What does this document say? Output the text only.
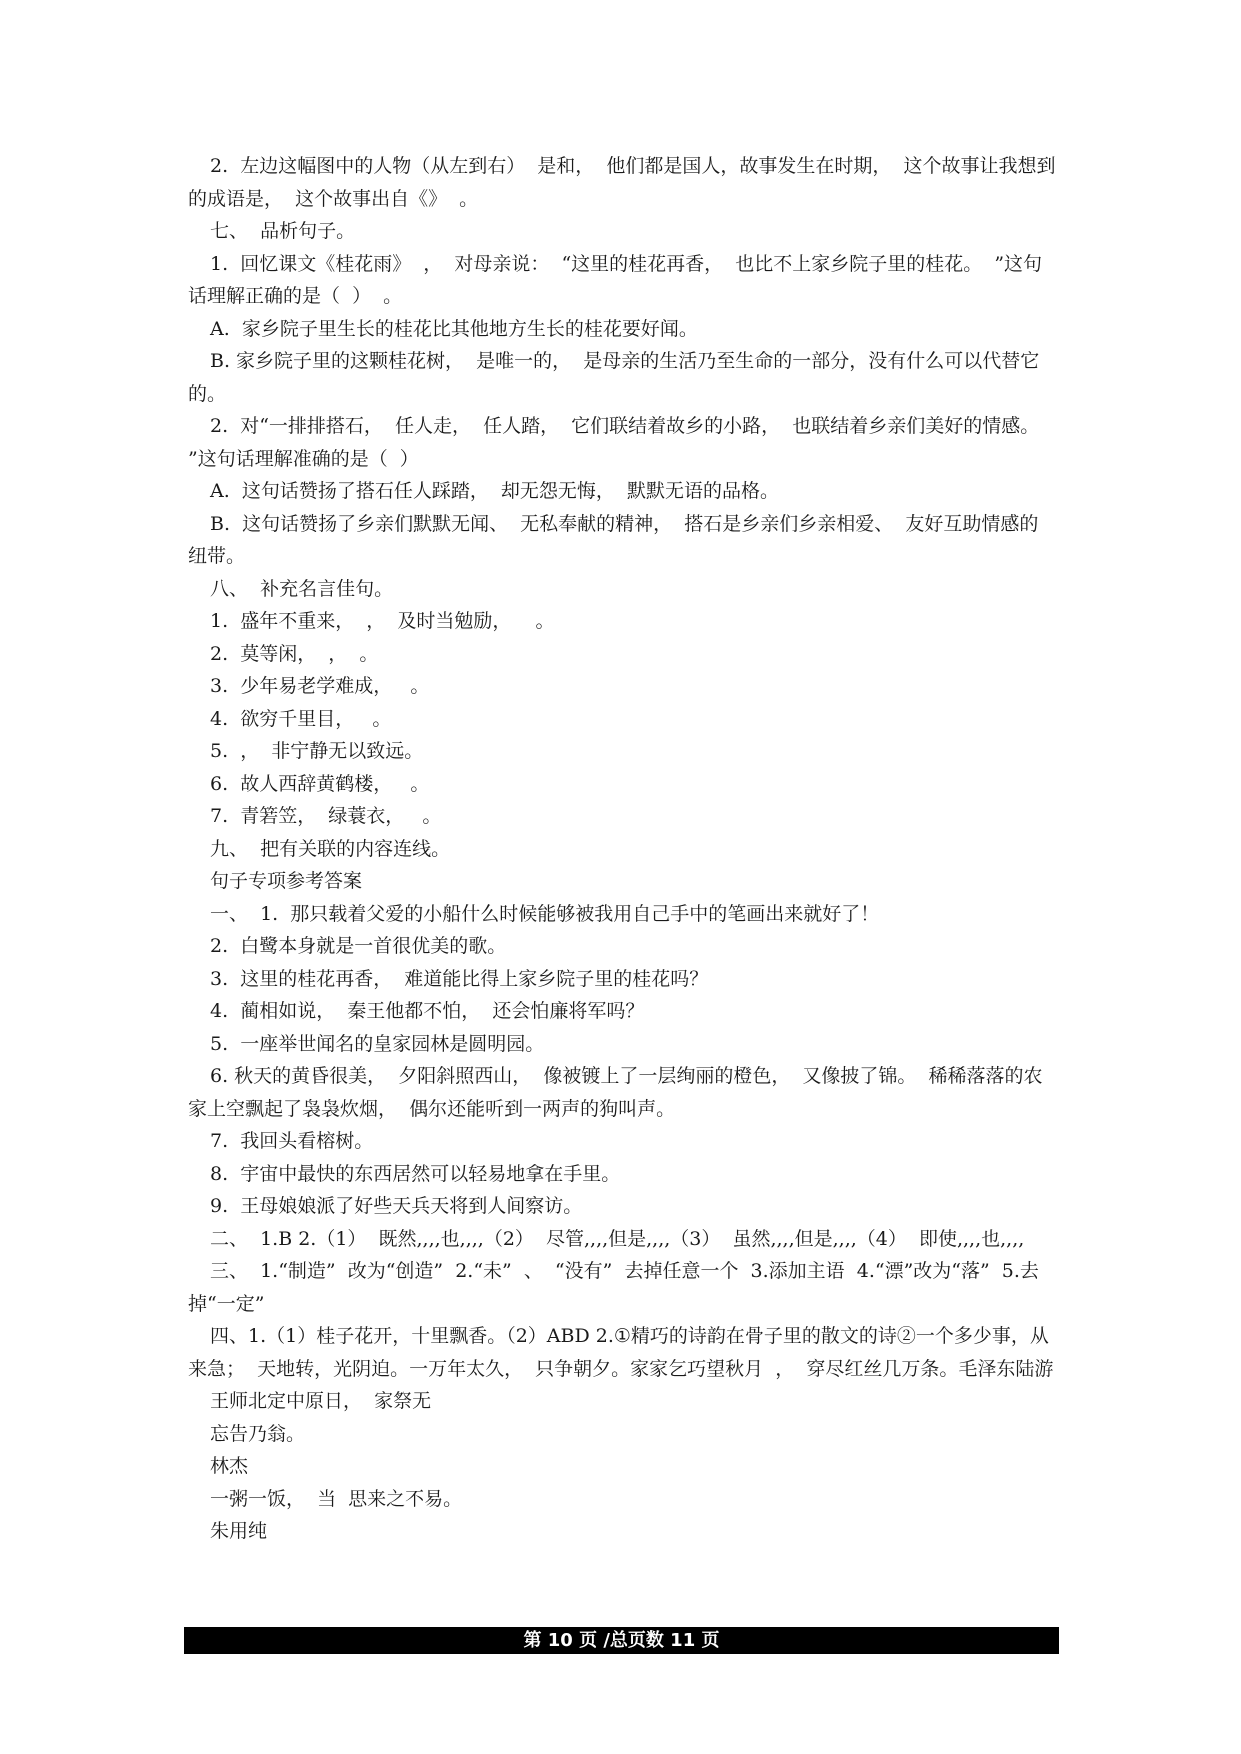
2.  左边这幅图中的人物（从左到右）  是和，  他们都是国人，故事发生在时期，  这个故事让我想到的成语是，  这个故事出自《》  。

七、  品析句子。

1.  回忆课文《桂花雨》  ，  对母亲说：  “这里的桂花再香，  也比不上家乡院子里的桂花。  ”这句话理解正确的是（  ）  。

A.  家乡院子里生长的桂花比其他地方生长的桂花要好闻。

B. 家乡院子里的这颗桂花树，  是唯一的，  是母亲的生活乃至生命的一部分，没有什么可以代替它的。

2.  对“一排排搭石，  任人走，  任人踏，  它们联结着故乡的小路，  也联结着乡亲们美好的情感。  ”这句话理解准确的是（  ）

A.  这句话赞扬了搭石任人踩踏，  却无怨无悔，  默默无语的品格。

B.  这句话赞扬了乡亲们默默无闻、  无私奉献的精神，  搭石是乡亲们乡亲相爱、  友好互助情感的纽带。

八、  补充名言佳句。

1.  盛年不重来，  ，  及时当勉励，    。

2.  莫等闲，  ，  。

3.  少年易老学难成，   。

4.  欲穷千里目，   。

5.  ，  非宁静无以致远。

6.  故人西辞黄鹤楼，   。

7.  青箬笠，  绿蓑衣，   。

九、  把有关联的内容连线。

句子专项参考答案

一、  1.  那只载着父爱的小船什么时候能够被我用自己手中的笔画出来就好了！

2.  白鹭本身就是一首很优美的歌。

3.  这里的桂花再香，  难道能比得上家乡院子里的桂花吗？

4.  蔺相如说，  秦王他都不怕，  还会怕廉将军吗？

5.  一座举世闻名的皇家园林是圆明园。

6. 秋天的黄昏很美，  夕阳斜照西山，  像被镀上了一层绚丽的橙色，  又像披了锦。  稀稀落落的农家上空飘起了袅袅炊烟，  偶尔还能听到一两声的狗叫声。

7.  我回头看榕树。

8.  宇宙中最快的东西居然可以轻易地拿在手里。

9.  王母娘娘派了好些天兵天将到人间察访。

二、  1.B 2.（1）  既然,,,,也,,,,（2）  尽管,,,,但是,,,,（3）  虽然,,,,但是,,,,（4）  即使,,,,也,,,,

三、  1.“制造”  改为“创造”  2.“未”  、  “没有”  去掉任意一个  3.添加主语  4.“漂”改为“落”  5.去掉“一定”

四、1.（1）桂子花开，十里飘香。（2）ABD 2.①精巧的诗韵在骨子里的散文的诗②一个多少事，从来急；  天地转，光阴迫。一万年太久，  只争朝夕。家家乞巧望秋月  ，  穿尽红丝几万条。毛泽东陆游

王师北定中原日，  家祭无

忘告乃翁。

林杰

一粥一饭，  当  思来之不易。

朱用纯

第 10 页 /总页数 11 页
